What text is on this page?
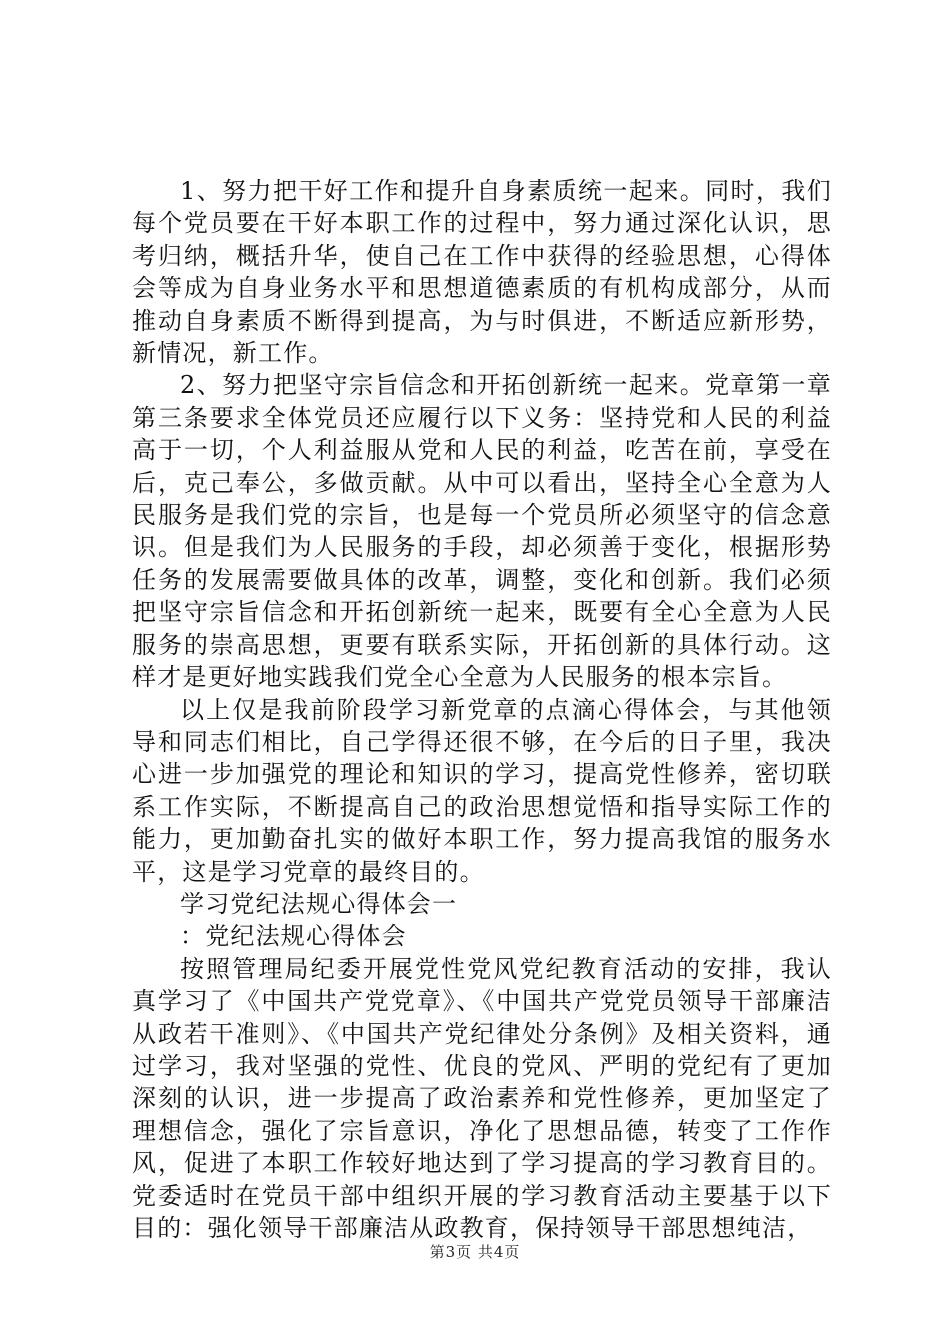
1、努力把干好工作和提升自身素质统一起来。同时，我们每个党员要在干好本职工作的过程中，努力通过深化认识，思考归纳，概括升华，使自己在工作中获得的经验思想，心得体会等成为自身业务水平和思想道德素质的有机构成部分，从而推动自身素质不断得到提高，为与时俱进，不断适应新形势，新情况，新工作。

2、努力把坚守宗旨信念和开拓创新统一起来。党章第一章第三条要求全体党员还应履行以下义务：坚持党和人民的利益高于一切，个人利益服从党和人民的利益，吃苦在前，享受在后，克己奉公，多做贡献。从中可以看出，坚持全心全意为人民服务是我们党的宗旨，也是每一个党员所必须坚守的信念意识。但是我们为人民服务的手段，却必须善于变化，根据形势任务的发展需要做具体的改革，调整，变化和创新。我们必须把坚守宗旨信念和开拓创新统一起来，既要有全心全意为人民服务的崇高思想，更要有联系实际，开拓创新的具体行动。这样才是更好地实践我们党全心全意为人民服务的根本宗旨。

以上仅是我前阶段学习新党章的点滴心得体会，与其他领导和同志们相比，自己学得还很不够，在今后的日子里，我决心进一步加强党的理论和知识的学习，提高党性修养，密切联系工作实际，不断提高自己的政治思想觉悟和指导实际工作的能力，更加勤奋扎实的做好本职工作，努力提高我馆的服务水平，这是学习党章的最终目的。

学习党纪法规心得体会一

：党纪法规心得体会

按照管理局纪委开展党性党风党纪教育活动的安排，我认真学习了《中国共产党党章》、《中国共产党党员领导干部廉洁从政若干准则》、《中国共产党纪律处分条例》及相关资料，通过学习，我对坚强的党性、优良的党风、严明的党纪有了更加深刻的认识，进一步提高了政治素养和党性修养，更加坚定了理想信念，强化了宗旨意识，净化了思想品德，转变了工作作风，促进了本职工作较好地达到了学习提高的学习教育目的。党委适时在党员干部中组织开展的学习教育活动主要基于以下目的：强化领导干部廉洁从政教育，保持领导干部思想纯洁，

第3页 共4页
